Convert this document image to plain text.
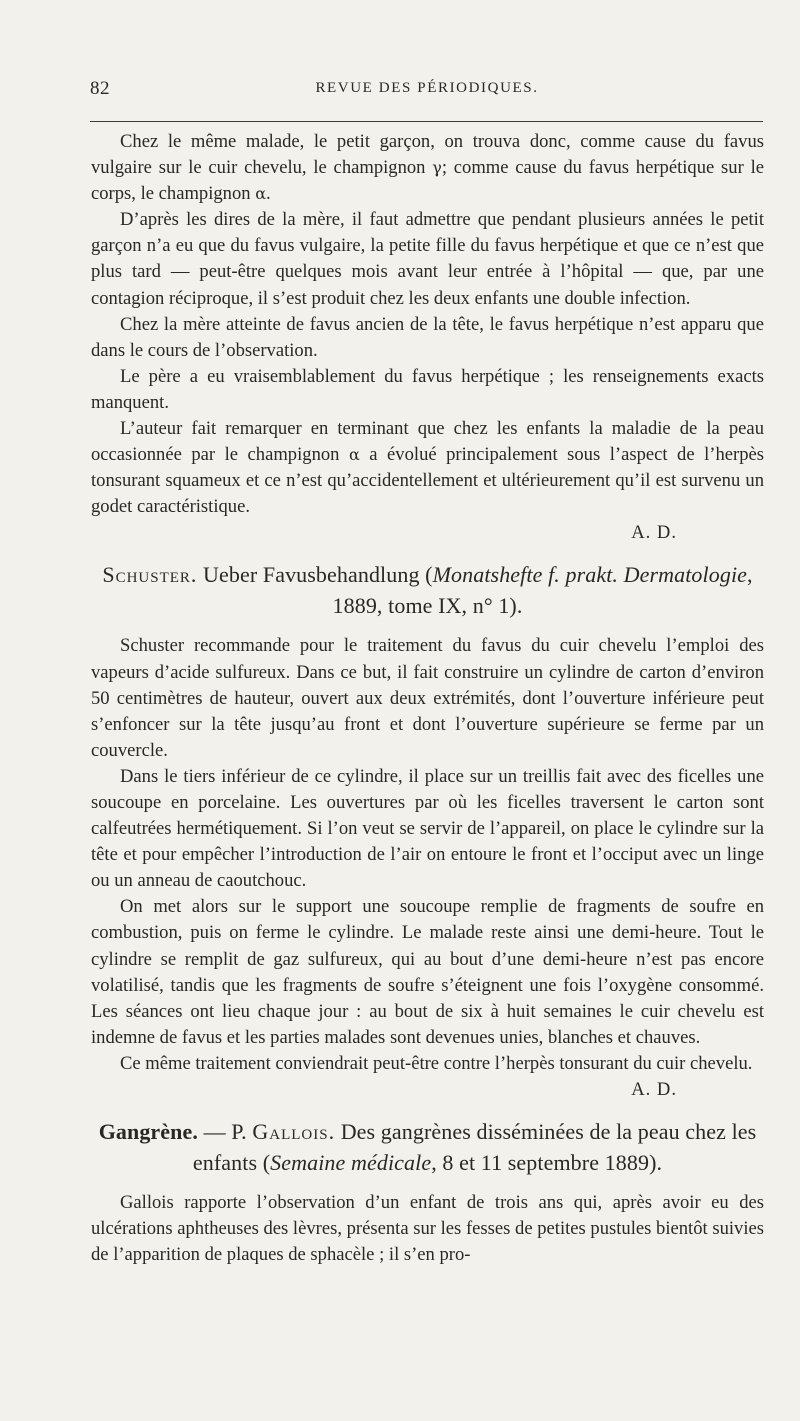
82	REVUE DES PÉRIODIQUES.

Chez le même malade, le petit garçon, on trouva donc, comme cause du favus vulgaire sur le cuir chevelu, le champignon γ; comme cause du favus herpétique sur le corps, le champignon α.

D’après les dires de la mère, il faut admettre que pendant plusieurs années le petit garçon n’a eu que du favus vulgaire, la petite fille du favus herpétique et que ce n’est que plus tard — peut-être quelques mois avant leur entrée à l’hôpital — que, par une contagion réciproque, il s’est produit chez les deux enfants une double infection.

Chez la mère atteinte de favus ancien de la tête, le favus herpétique n’est apparu que dans le cours de l’observation.

Le père a eu vraisemblablement du favus herpétique ; les renseignements exacts manquent.

L’auteur fait remarquer en terminant que chez les enfants la maladie de la peau occasionnée par le champignon α a évolué principalement sous l’aspect de l’herpès tonsurant squameux et ce n’est qu’accidentellement et ultérieurement qu’il est survenu un godet caractéristique.

A. D.
Schuster. Ueber Favusbehandlung (Monatshefte f. prakt. Dermatologie, 1889, tome IX, n° 1).

Schuster recommande pour le traitement du favus du cuir chevelu l’emploi des vapeurs d’acide sulfureux. Dans ce but, il fait construire un cylindre de carton d’environ 50 centimètres de hauteur, ouvert aux deux extrémités, dont l’ouverture inférieure peut s’enfoncer sur la tête jusqu’au front et dont l’ouverture supérieure se ferme par un couvercle.

Dans le tiers inférieur de ce cylindre, il place sur un treillis fait avec des ficelles une soucoupe en porcelaine. Les ouvertures par où les ficelles traversent le carton sont calfeutrées hermétiquement. Si l’on veut se servir de l’appareil, on place le cylindre sur la tête et pour empêcher l’introduction de l’air on entoure le front et l’occiput avec un linge ou un anneau de caoutchouc.

On met alors sur le support une soucoupe remplie de fragments de soufre en combustion, puis on ferme le cylindre. Le malade reste ainsi une demi-heure. Tout le cylindre se remplit de gaz sulfureux, qui au bout d’une demi-heure n’est pas encore volatilisé, tandis que les fragments de soufre s’éteignent une fois l’oxygène consommé. Les séances ont lieu chaque jour : au bout de six à huit semaines le cuir chevelu est indemne de favus et les parties malades sont devenues unies, blanches et chauves.

Ce même traitement conviendrait peut-être contre l’herpès tonsurant du cuir chevelu.

A. D.
Gangrène. — P. Gallois. Des gangrènes disséminées de la peau chez les enfants (Semaine médicale, 8 et 11 septembre 1889).

Gallois rapporte l’observation d’un enfant de trois ans qui, après avoir eu des ulcérations aphtheuses des lèvres, présenta sur les fesses de petites pustules bientôt suivies de l’apparition de plaques de sphacèle ; il s’en pro-
